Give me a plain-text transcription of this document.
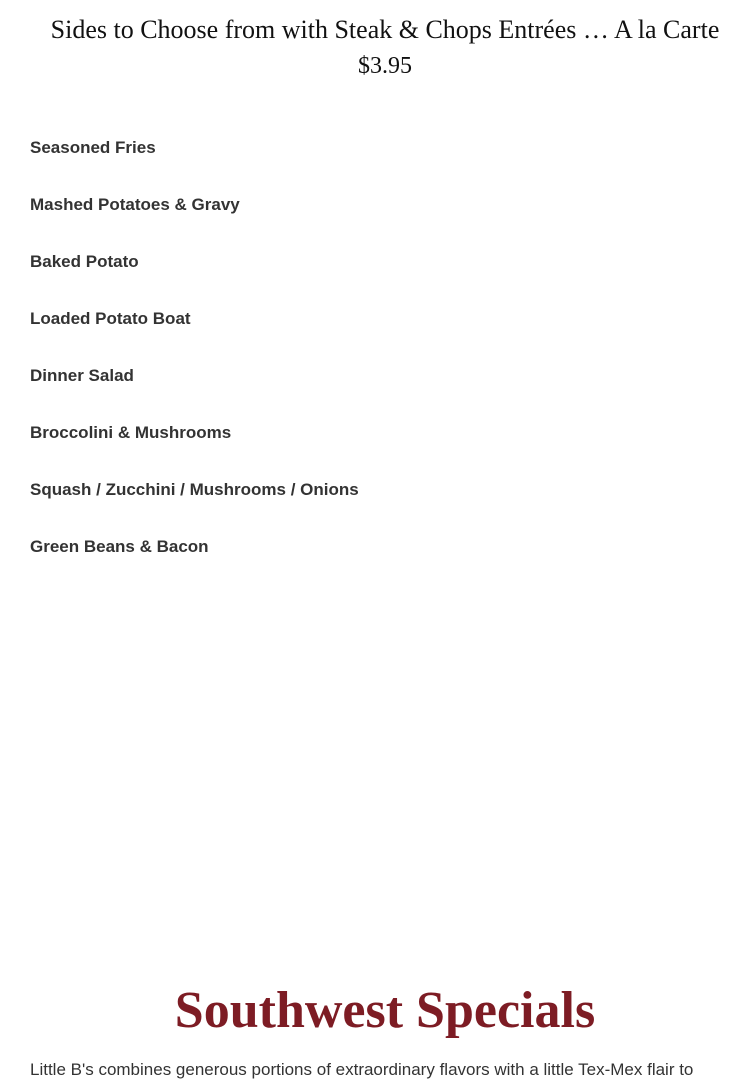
Sides to Choose from with Steak & Chops Entrées … A la Carte
$3.95
Seasoned Fries
Mashed Potatoes & Gravy
Baked Potato
Loaded Potato Boat
Dinner Salad
Broccolini & Mushrooms
Squash / Zucchini / Mushrooms / Onions
Green Beans & Bacon
Southwest Specials

Little B's combines generous portions of extraordinary flavors with a little Tex-Mex flair to
